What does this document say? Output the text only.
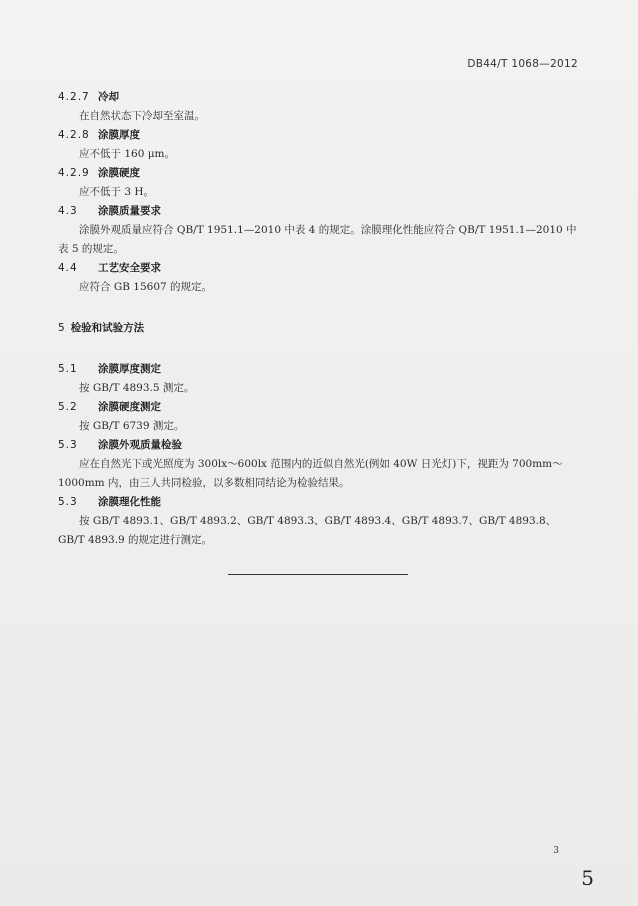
DB44/T 1068—2012
4.2.7 冷却
在自然状态下冷却至室温。
4.2.8 涂膜厚度
应不低于 160 μm。
4.2.9 涂膜硬度
应不低于 3 H。
4.3 涂膜质量要求
涂膜外观质量应符合 QB/T 1951.1—2010 中表 4 的规定。涂膜理化性能应符合 QB/T 1951.1—2010 中表 5 的规定。
4.4 工艺安全要求
应符合 GB 15607 的规定。
5 检验和试验方法
5.1 涂膜厚度测定
按 GB/T 4893.5 测定。
5.2 涂膜硬度测定
按 GB/T 6739 测定。
5.3 涂膜外观质量检验
应在自然光下或光照度为 300lx～600lx 范围内的近似自然光(例如 40W 日光灯)下，视距为 700mm～1000mm 内，由三人共同检验，以多数相同结论为检验结果。
5.3 涂膜理化性能
按 GB/T 4893.1、GB/T 4893.2、GB/T 4893.3、GB/T 4893.4、GB/T 4893.7、GB/T 4893.8、GB/T 4893.9 的规定进行测定。
3
5
